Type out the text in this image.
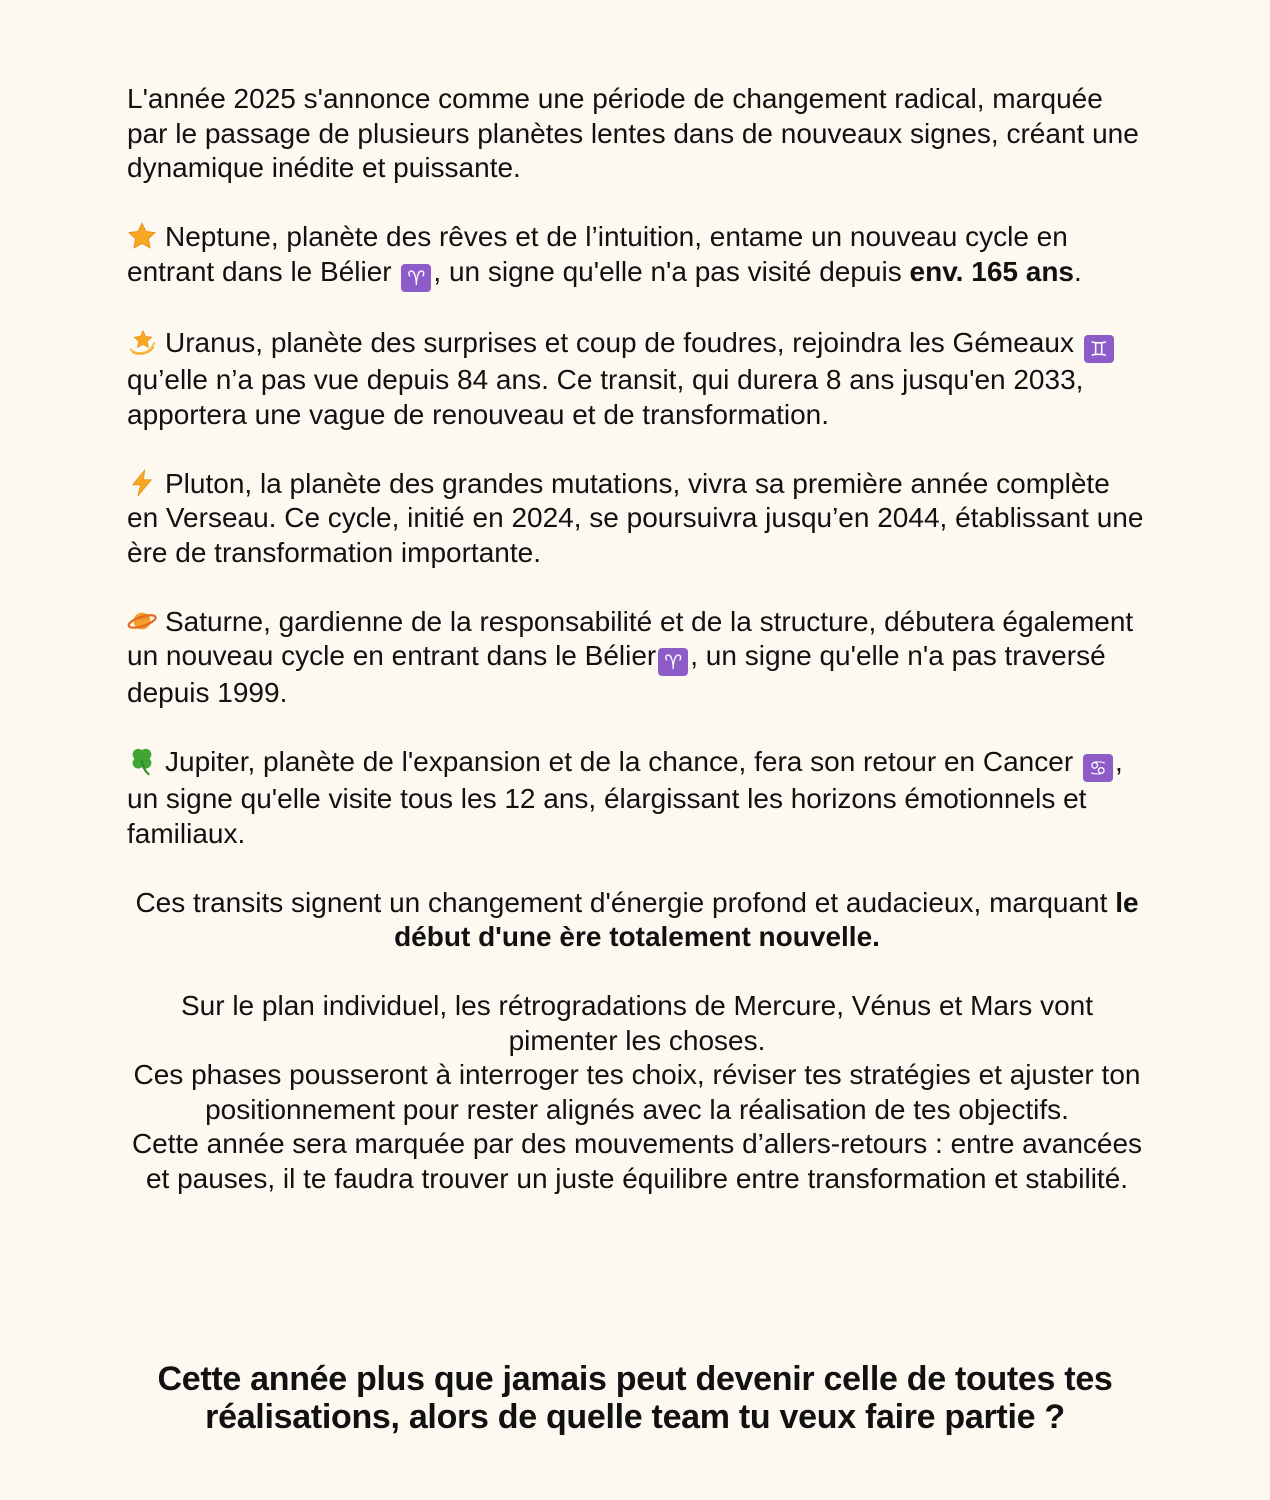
L'année 2025 s'annonce comme une période de changement radical, marquée par le passage de plusieurs planètes lentes dans de nouveaux signes, créant une dynamique inédite et puissante.

Neptune, planète des rêves et de l’intuition, entame un nouveau cycle en entrant dans le Bélier ♈ , un signe qu'elle n'a pas visité depuis env. 165 ans.

Uranus, planète des surprises et coup de foudres, rejoindra les Gémeaux ♊ qu’elle n’a pas vue depuis 84 ans. Ce transit, qui durera 8 ans jusqu'en 2033, apportera une vague de renouveau et de transformation.

Pluton, la planète des grandes mutations, vivra sa première année complète en Verseau. Ce cycle, initié en 2024, se poursuivra jusqu’en 2044, établissant une ère de transformation importante.

Saturne, gardienne de la responsabilité et de la structure, débutera également un nouveau cycle en entrant dans le Bélier ♈ , un signe qu'elle n'a pas traversé depuis 1999.

Jupiter, planète de l'expansion et de la chance, fera son retour en Cancer ♋ , un signe qu'elle visite tous les 12 ans, élargissant les horizons émotionnels et familiaux.

Ces transits signent un changement d'énergie profond et audacieux, marquant le début d'une ère totalement nouvelle.

Sur le plan individuel, les rétrogradations de Mercure, Vénus et Mars vont pimenter les choses.

Ces phases pousseront à interroger tes choix, réviser tes stratégies et ajuster ton positionnement pour rester alignés avec la réalisation de tes objectifs.

Cette année sera marquée par des mouvements d’allers-retours : entre avancées et pauses, il te faudra trouver un juste équilibre entre transformation et stabilité.

Cette année plus que jamais peut devenir celle de toutes tes réalisations, alors de quelle team tu veux faire partie ?
